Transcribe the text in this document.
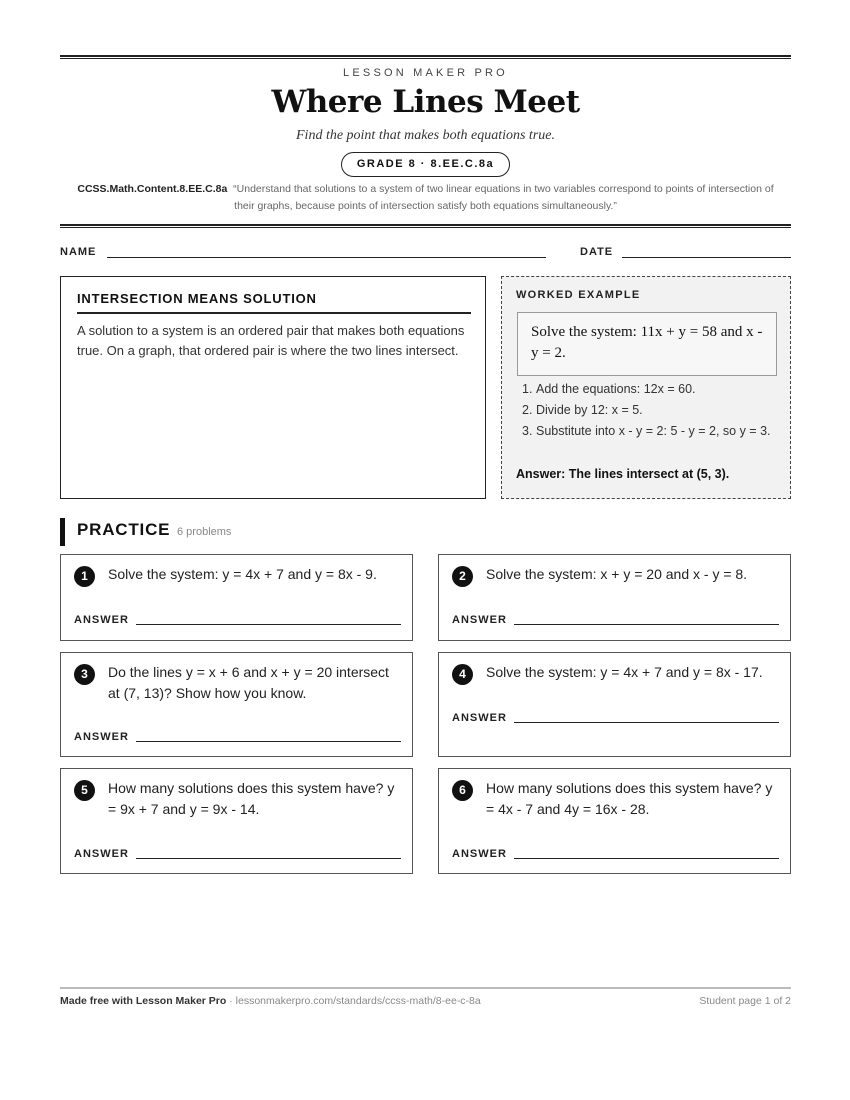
LESSON MAKER PRO
Where Lines Meet
Find the point that makes both equations true.
GRADE 8 · 8.EE.C.8a
CCSS.Math.Content.8.EE.C.8a “Understand that solutions to a system of two linear equations in two variables correspond to points of intersection of their graphs, because points of intersection satisfy both equations simultaneously.”
NAME	DATE
INTERSECTION MEANS SOLUTION
A solution to a system is an ordered pair that makes both equations true. On a graph, that ordered pair is where the two lines intersect.
WORKED EXAMPLE
Solve the system: 11x + y = 58 and x - y = 2.
1. Add the equations: 12x = 60.
2. Divide by 12: x = 5.
3. Substitute into x - y = 2: 5 - y = 2, so y = 3.
Answer: The lines intersect at (5, 3).
PRACTICE 6 problems
1	Solve the system: y = 4x + 7 and y = 8x - 9.
ANSWER
2	Solve the system: x + y = 20 and x - y = 8.
ANSWER
3	Do the lines y = x + 6 and x + y = 20 intersect at (7, 13)? Show how you know.
ANSWER
4	Solve the system: y = 4x + 7 and y = 8x - 17.
ANSWER
5	How many solutions does this system have? y = 9x + 7 and y = 9x - 14.
ANSWER
6	How many solutions does this system have? y = 4x - 7 and 4y = 16x - 28.
ANSWER
Made free with Lesson Maker Pro · lessonmakerpro.com/standards/ccss-math/8-ee-c-8a	Student page 1 of 2
